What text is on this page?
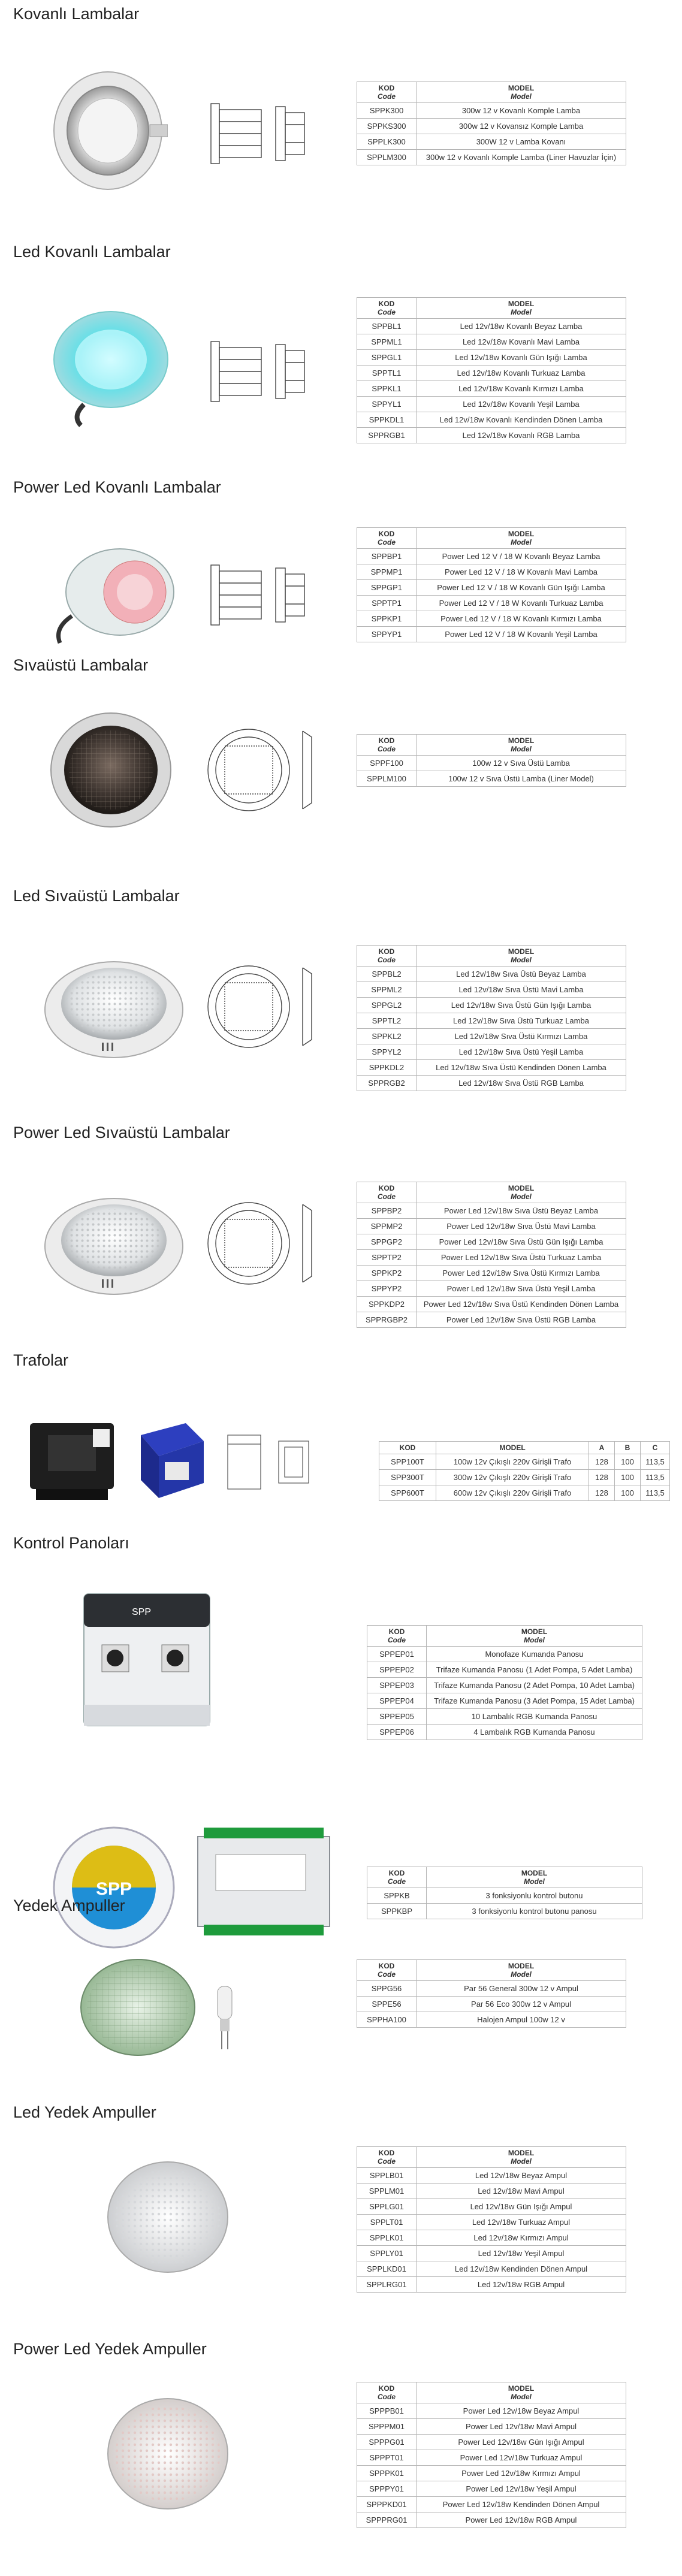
Kovanlı Lambalar
Led Kovanlı Lambalar
Power Led Kovanlı Lambalar
Sıvaüstü Lambalar
Led Sıvaüstü Lambalar
Power Led Sıvaüstü Lambalar
Trafolar
KOD	MODEL	A	B	C
SPP100T	100w 12v Çıkışlı 220v Girişli Trafo	128	100	113,5
SPP300T	300w 12v Çıkışlı 220v Girişli Trafo	128	100	113,5
SPP600T	600w 12v Çıkışlı 220v Girişli Trafo	128	100	113,5
Kontrol Panoları
SPP
SPP
KOD
Code	MODEL
Model

SPPEP01	Monofaze Kumanda Panosu
SPPEP02	Trifaze Kumanda Panosu (1 Adet Pompa, 5 Adet Lamba)
SPPEP03	Trifaze Kumanda Panosu (2 Adet Pompa, 10 Adet Lamba)
SPPEP04	Trifaze Kumanda Panosu (3 Adet Pompa, 15 Adet Lamba)
SPPEP05	10 Lambalık RGB Kumanda Panosu
SPPEP06	4 Lambalık RGB Kumanda Panosu
KOD
Code	MODEL
Model

SPPKB	3 fonksiyonlu kontrol butonu
SPPKBP	3 fonksiyonlu kontrol butonu panosu
Yedek Ampuller
Led Yedek Ampuller
Power Led Yedek Ampuller
KOD
Code	MODEL
Model

SPPK300	300w 12 v Kovanlı Komple Lamba
SPPKS300	300w 12 v Kovansız Komple Lamba
SPPLK300	300W 12 v Lamba Kovanı
SPPLM300	300w 12 v Kovanlı Komple Lamba (Liner Havuzlar İçin)
KOD
Code	MODEL
Model

SPPBL1	Led 12v/18w Kovanlı Beyaz Lamba
SPPML1	Led 12v/18w Kovanlı Mavi Lamba
SPPGL1	Led 12v/18w Kovanlı Gün Işığı Lamba
SPPTL1	Led 12v/18w Kovanlı Turkuaz Lamba
SPPKL1	Led 12v/18w Kovanlı Kırmızı Lamba
SPPYL1	Led 12v/18w Kovanlı Yeşil Lamba
SPPKDL1	Led 12v/18w Kovanlı Kendinden Dönen Lamba
SPPRGB1	Led 12v/18w Kovanlı RGB Lamba
KOD
Code	MODEL
Model

SPPBP1	Power Led 12 V / 18 W Kovanlı Beyaz Lamba
SPPMP1	Power Led 12 V / 18 W Kovanlı Mavi Lamba
SPPGP1	Power Led 12 V / 18 W Kovanlı Gün Işığı Lamba
SPPTP1	Power Led 12 V / 18 W Kovanlı Turkuaz Lamba
SPPKP1	Power Led 12 V / 18 W Kovanlı Kırmızı Lamba
SPPYP1	Power Led 12 V / 18 W Kovanlı Yeşil Lamba
KOD
Code	MODEL
Model

SPPF100	100w 12 v Sıva Üstü Lamba
SPPLM100	100w 12 v Sıva Üstü Lamba (Liner Model)
KOD
Code	MODEL
Model

SPPBL2	Led 12v/18w Sıva Üstü Beyaz Lamba
SPPML2	Led 12v/18w Sıva Üstü Mavi Lamba
SPPGL2	Led 12v/18w Sıva Üstü Gün Işığı Lamba
SPPTL2	Led 12v/18w Sıva Üstü Turkuaz Lamba
SPPKL2	Led 12v/18w Sıva Üstü Kırmızı Lamba
SPPYL2	Led 12v/18w Sıva Üstü Yeşil Lamba
SPPKDL2	Led 12v/18w Sıva Üstü Kendinden Dönen Lamba
SPPRGB2	Led 12v/18w Sıva Üstü RGB Lamba
KOD
Code	MODEL
Model

SPPBP2	Power Led 12v/18w Sıva Üstü Beyaz Lamba
SPPMP2	Power Led 12v/18w Sıva Üstü Mavi Lamba
SPPGP2	Power Led 12v/18w Sıva Üstü Gün Işığı Lamba
SPPTP2	Power Led 12v/18w Sıva Üstü Turkuaz Lamba
SPPKP2	Power Led 12v/18w Sıva Üstü Kırmızı Lamba
SPPYP2	Power Led 12v/18w Sıva Üstü Yeşil Lamba
SPPKDP2	Power Led 12v/18w Sıva Üstü Kendinden Dönen Lamba
SPPRGBP2	Power Led 12v/18w Sıva Üstü RGB Lamba
KOD
Code	MODEL
Model

SPPG56	Par 56 General 300w 12 v Ampul
SPPE56	Par 56 Eco 300w 12 v Ampul
SPPHA100	Halojen Ampul 100w 12 v
KOD
Code	MODEL
Model

SPPLB01	Led 12v/18w Beyaz Ampul
SPPLM01	Led 12v/18w Mavi Ampul
SPPLG01	Led 12v/18w Gün Işığı Ampul
SPPLT01	Led 12v/18w Turkuaz Ampul
SPPLK01	Led 12v/18w Kırmızı Ampul
SPPLY01	Led 12v/18w Yeşil Ampul
SPPLKD01	Led 12v/18w Kendinden Dönen Ampul
SPPLRG01	Led 12v/18w RGB Ampul
KOD
Code	MODEL
Model

SPPPB01	Power Led 12v/18w Beyaz Ampul
SPPPM01	Power Led 12v/18w Mavi Ampul
SPPPG01	Power Led 12v/18w Gün Işığı Ampul
SPPPT01	Power Led 12v/18w Turkuaz Ampul
SPPPK01	Power Led 12v/18w Kırmızı Ampul
SPPPY01	Power Led 12v/18w Yeşil Ampul
SPPPKD01	Power Led 12v/18w Kendinden Dönen Ampul
SPPPRG01	Power Led 12v/18w RGB Ampul
